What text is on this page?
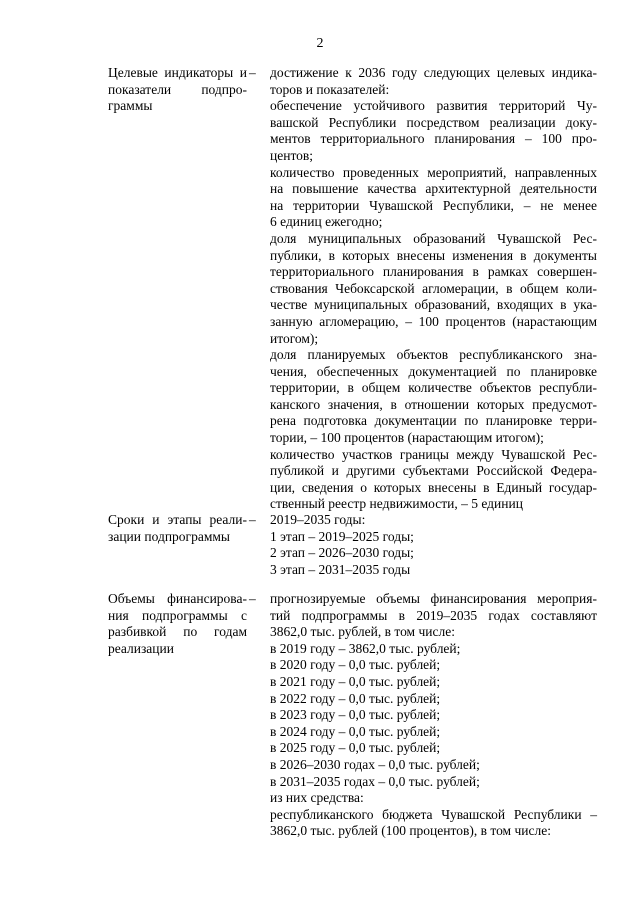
2
Целевые индикаторы и
показатели подпро-
граммы
– достижение к 2036 году следующих целевых индика-
торов и показателей:
обеспечение устойчивого развития территорий Чу-
вашской Республики посредством реализации доку-
ментов территориального планирования – 100 про-
центов;
количество проведенных мероприятий, направленных
на повышение качества архитектурной деятельности
на территории Чувашской Республики, – не менее
6 единиц ежегодно;
доля муниципальных образований Чувашской Рес-
публики, в которых внесены изменения в документы
территориального планирования в рамках совершен-
ствования Чебоксарской агломерации, в общем коли-
честве муниципальных образований, входящих в ука-
занную агломерацию, – 100 процентов (нарастающим
итогом);
доля планируемых объектов республиканского зна-
чения, обеспеченных документацией по планировке
территории, в общем количестве объектов республи-
канского значения, в отношении которых предусмот-
рена подготовка документации по планировке терри-
тории, – 100 процентов (нарастающим итогом);
количество участков границы между Чувашской Рес-
публикой и другими субъектами Российской Федера-
ции, сведения о которых внесены в Единый государ-
ственный реестр недвижимости, – 5 единиц
Сроки и этапы реали-
зации подпрограммы
– 2019–2035 годы:
1 этап – 2019–2025 годы;
2 этап – 2026–2030 годы;
3 этап – 2031–2035 годы
Объемы финансирова-
ния подпрограммы с
разбивкой по годам
реализации
– прогнозируемые объемы финансирования мероприя-
тий подпрограммы в 2019–2035 годах составляют
3862,0 тыс. рублей, в том числе:
в 2019 году – 3862,0 тыс. рублей;
в 2020 году – 0,0 тыс. рублей;
в 2021 году – 0,0 тыс. рублей;
в 2022 году – 0,0 тыс. рублей;
в 2023 году – 0,0 тыс. рублей;
в 2024 году – 0,0 тыс. рублей;
в 2025 году – 0,0 тыс. рублей;
в 2026–2030 годах – 0,0 тыс. рублей;
в 2031–2035 годах – 0,0 тыс. рублей;
из них средства:
республиканского бюджета Чувашской Республики –
3862,0 тыс. рублей (100 процентов), в том числе:
